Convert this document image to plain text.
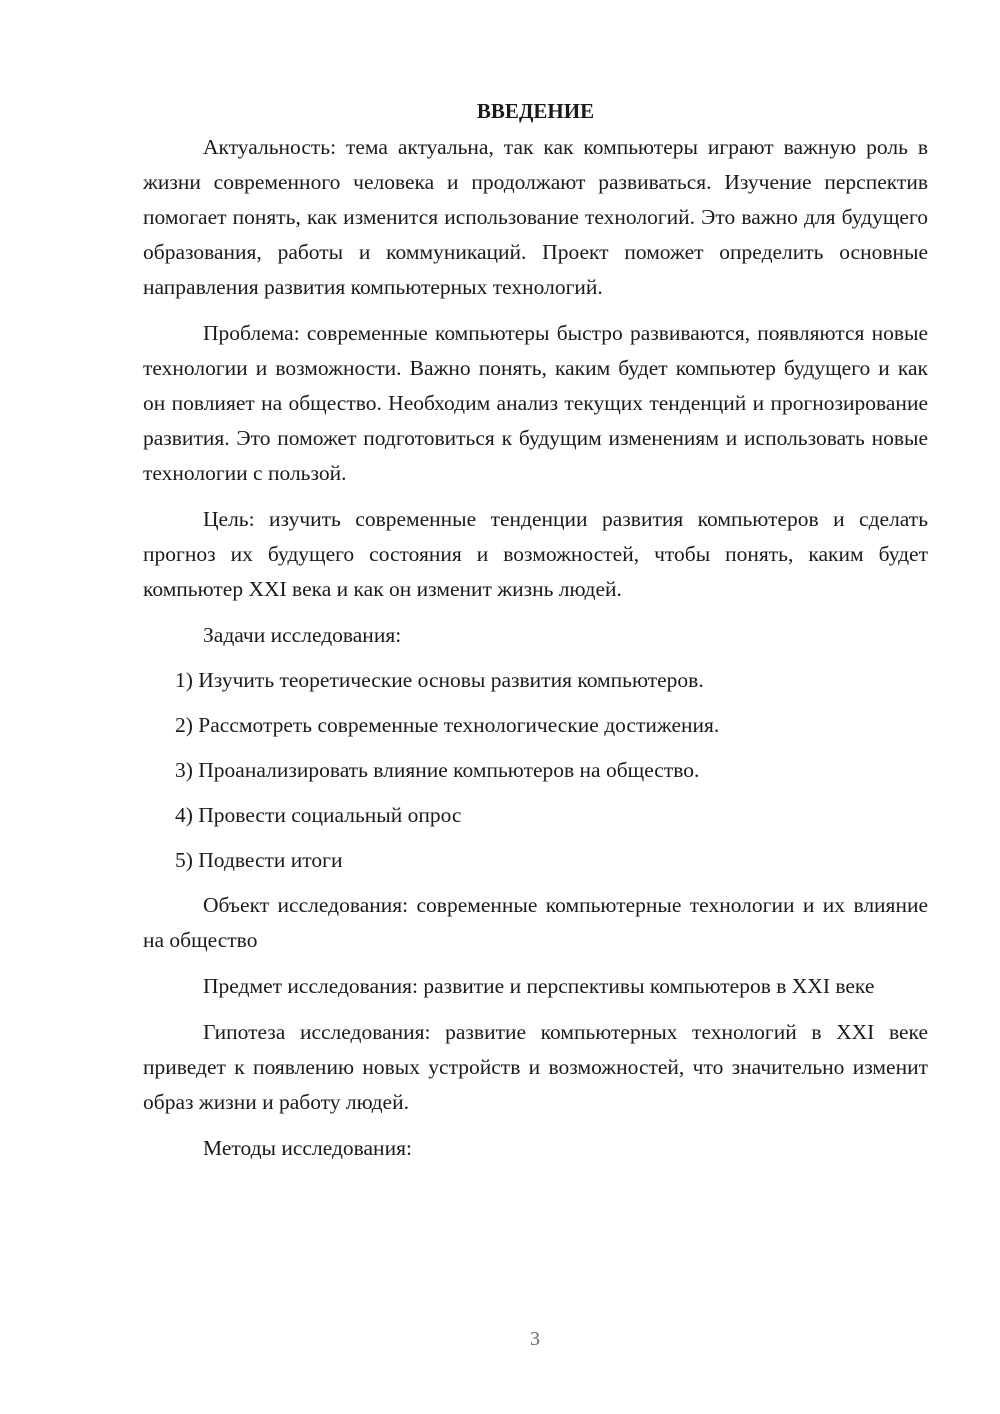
ВВЕДЕНИЕ

Актуальность: тема актуальна, так как компьютеры играют важную роль в жизни современного человека и продолжают развиваться. Изучение перспектив помогает понять, как изменится использование технологий. Это важно для будущего образования, работы и коммуникаций. Проект поможет определить основные направления развития компьютерных технологий.

Проблема: современные компьютеры быстро развиваются, появляются новые технологии и возможности. Важно понять, каким будет компьютер будущего и как он повлияет на общество. Необходим анализ текущих тенденций и прогнозирование развития. Это поможет подготовиться к будущим изменениям и использовать новые технологии с пользой.

Цель: изучить современные тенденции развития компьютеров и сделать прогноз их будущего состояния и возможностей, чтобы понять, каким будет компьютер XXI века и как он изменит жизнь людей.

Задачи исследования:

1) Изучить теоретические основы развития компьютеров.
2) Рассмотреть современные технологические достижения.
3) Проанализировать влияние компьютеров на общество.
4) Провести социальный опрос
5) Подвести итоги

Объект исследования: современные компьютерные технологии и их влияние на общество

Предмет исследования: развитие и перспективы компьютеров в XXI веке

Гипотеза исследования: развитие компьютерных технологий в XXI веке приведет к появлению новых устройств и возможностей, что значительно изменит образ жизни и работу людей.

Методы исследования:

3
